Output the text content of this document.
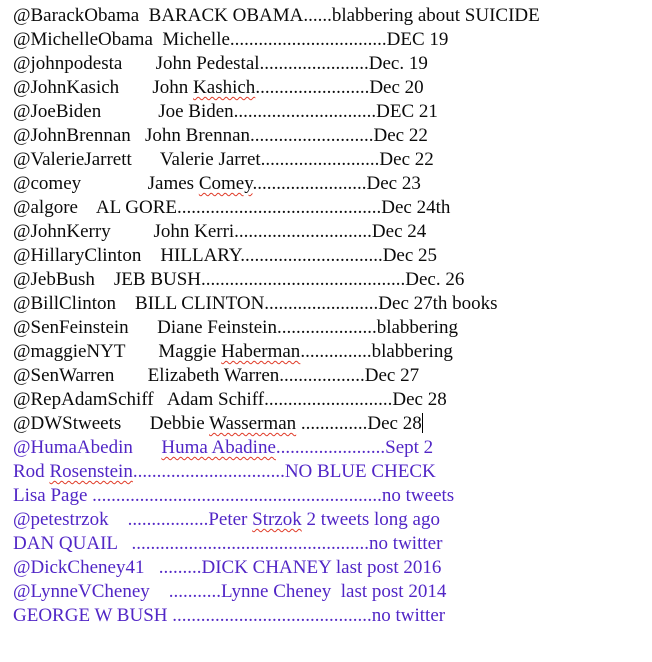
@BarackObama  BARACK OBAMA......blabbering about SUICIDE
@MichelleObama  Michelle.................................DEC 19
@johnpodesta       John Pedestal.......................Dec. 19
@JohnKasich       John Kashich........................Dec 20
@JoeBiden            Joe Biden..............................DEC 21
@JohnBrennan   John Brennan..........................Dec 22
@ValerieJarrett      Valerie Jarret.........................Dec 22
@comey              James Comey........................Dec 23
@algore    AL GORE...........................................Dec 24th
@JohnKerry         John Kerri.............................Dec 24
@HillaryClinton    HILLARY..............................Dec 25
@JebBush    JEB BUSH...........................................Dec. 26
@BillClinton    BILL CLINTON........................Dec 27th books
@SenFeinstein      Diane Feinstein.....................blabbering
@maggieNYT       Maggie Haberman...............blabbering
@SenWarren       Elizabeth Warren..................Dec 27
@RepAdamSchiff   Adam Schiff...........................Dec 28
@DWStweets      Debbie Wasserman ..............Dec 28
@HumaAbedin      Huma Abadine.......................Sept 2
Rod Rosenstein................................NO BLUE CHECK
Lisa Page .............................................................no tweets
@petestrzok    .................Peter Strzok 2 tweets long ago
DAN QUAIL   ..................................................no twitter
@DickCheney41   .........DICK CHANEY last post 2016
@LynneVCheney    ...........Lynne Cheney  last post 2014
GEORGE W BUSH ..........................................no twitter
